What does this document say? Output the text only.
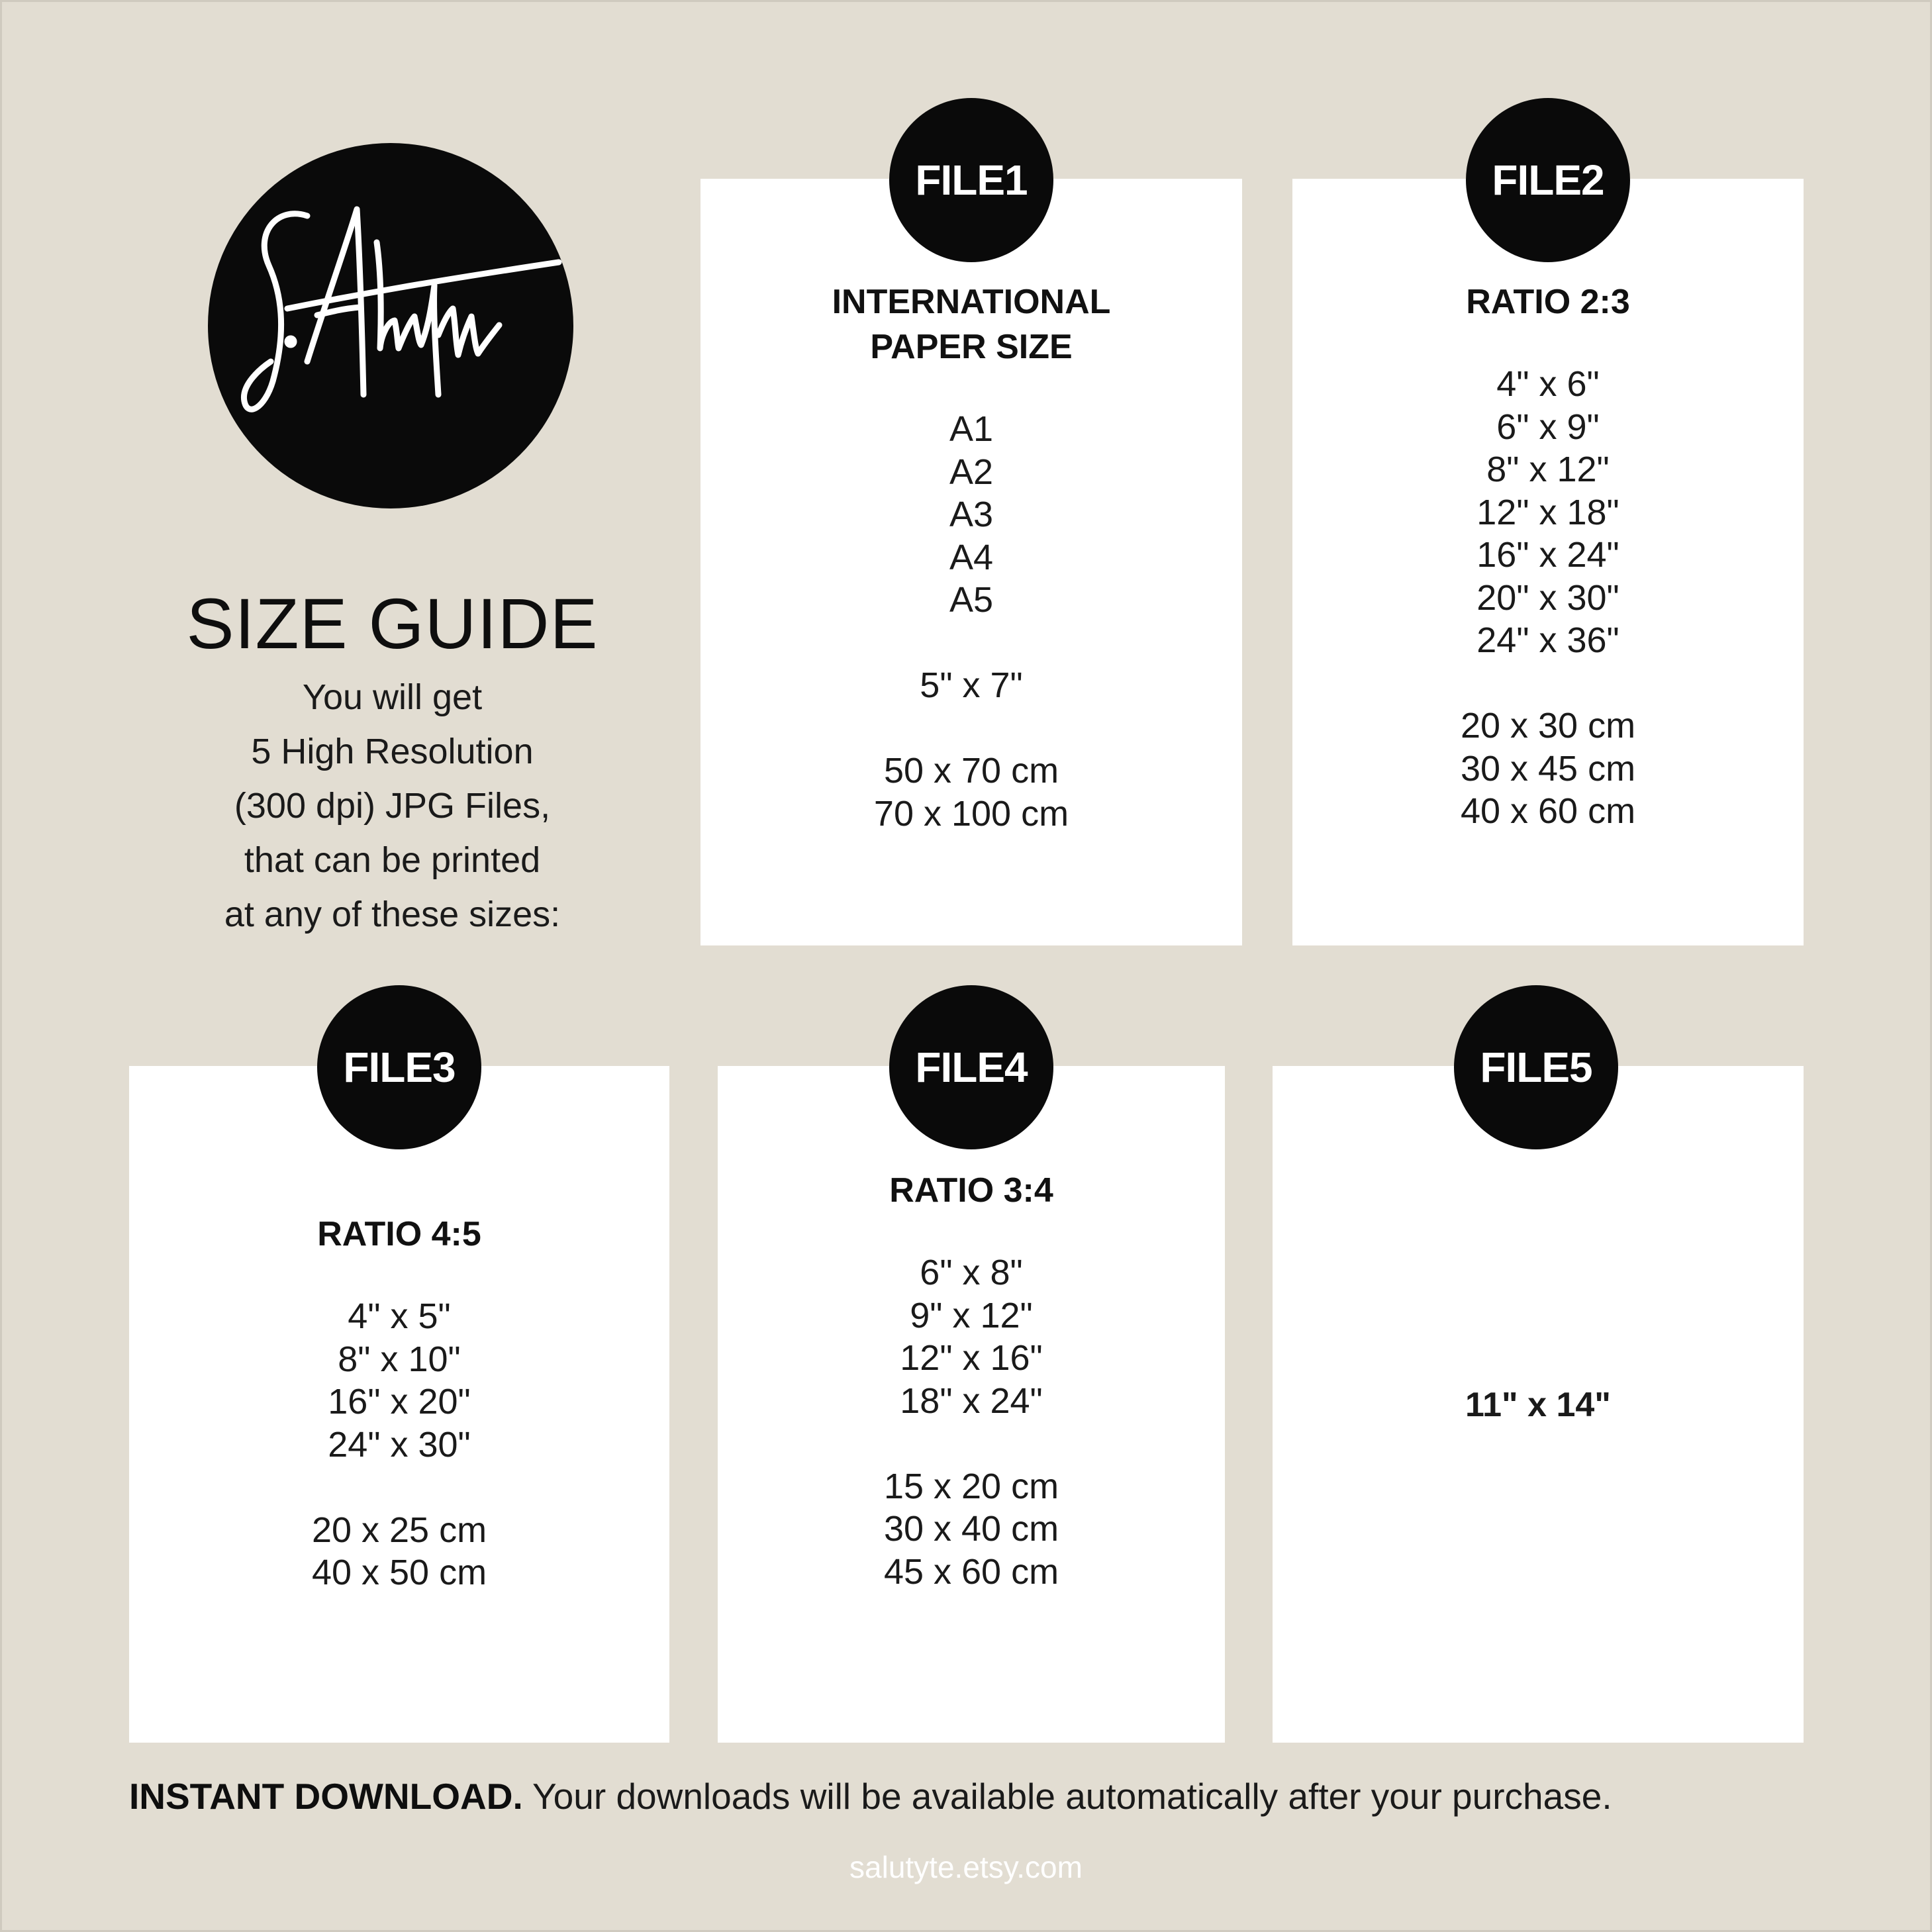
SIZE GUIDE
You will get
5 High Resolution
(300 dpi) JPG Files,
that can be printed
at any of these sizes:
INTERNATIONAL
PAPER SIZE
A1
A2
A3
A4
A5

5" x 7"

50 x 70 cm
70 x 100 cm
FILE1
RATIO 2:3
4" x 6"
6" x 9"
8" x 12"
12" x 18"
16" x 24"
20" x 30"
24" x 36"

20 x 30 cm
30 x 45 cm
40 x 60 cm
FILE2
RATIO 4:5
4" x 5"
8" x 10"
16" x 20"
24" x 30"

20 x 25 cm
40 x 50 cm
FILE3
RATIO 3:4
6" x 8"
9" x 12"
12" x 16"
18" x 24"

15 x 20 cm
30 x 40 cm
45 x 60 cm
FILE4
11" x 14"
FILE5
INSTANT DOWNLOAD. Your downloads will be available automatically after your purchase.
salutyte.etsy.com
